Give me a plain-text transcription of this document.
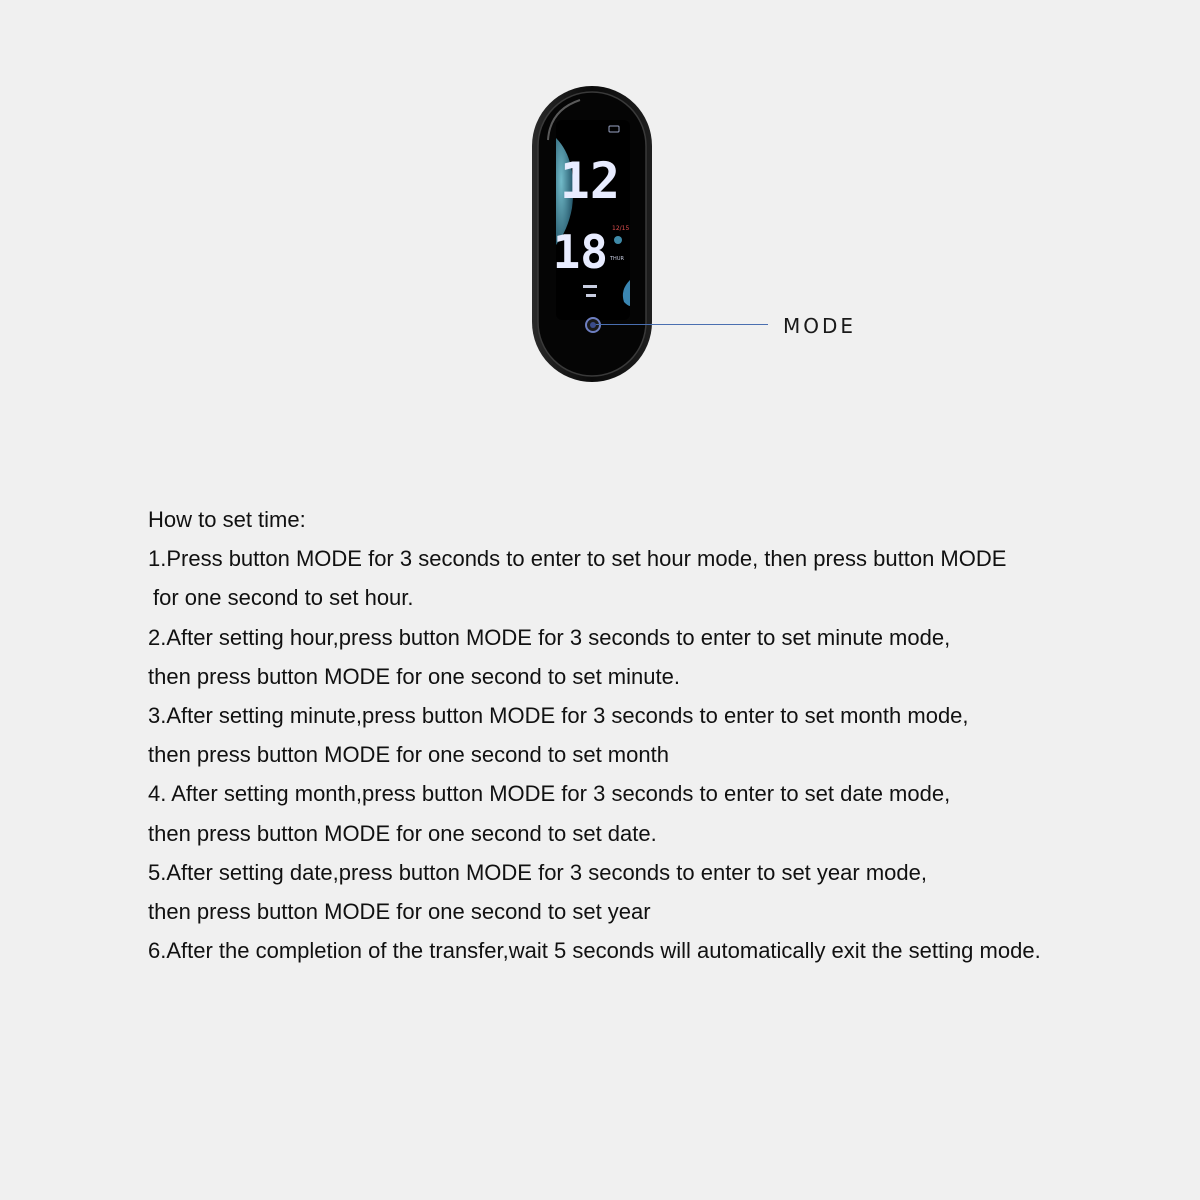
12
18 12/15
THUR
MODE
How to set time:
1.Press button MODE for 3 seconds to enter to set hour mode, then press button MODE
for one second to set hour.
2.After setting hour,press button MODE for 3 seconds to enter to set minute mode,
then press button MODE for one second to set minute.
3.After setting minute,press button MODE for 3 seconds to enter to set month mode,
then press button MODE for one second to set month
4. After setting month,press button MODE for 3 seconds to enter to set date mode,
then press button MODE for one second to set date.
5.After setting date,press button MODE for 3 seconds to enter to set year mode,
then press button MODE for one second to set year
6.After the completion of the transfer,wait 5 seconds will automatically exit the setting mode.
